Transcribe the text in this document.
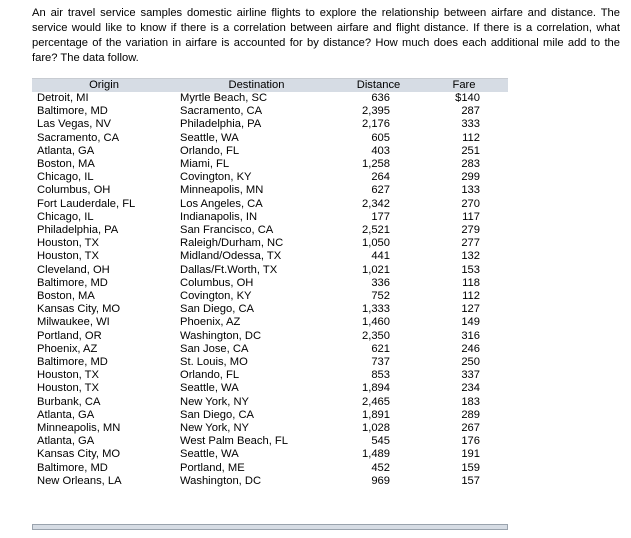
An air travel service samples domestic airline flights to explore the relationship between airfare and distance. The service would like to know if there is a correlation between airfare and flight distance. If there is a correlation, what percentage of the variation in airfare is accounted for by distance? How much does each additional mile add to the fare? The data follow.

Origin	Destination	Distance	Fare
Detroit, MI	Myrtle Beach, SC	636	$140
Baltimore, MD	Sacramento, CA	2,395	287
Las Vegas, NV	Philadelphia, PA	2,176	333
Sacramento, CA	Seattle, WA	605	112
Atlanta, GA	Orlando, FL	403	251
Boston, MA	Miami, FL	1,258	283
Chicago, IL	Covington, KY	264	299
Columbus, OH	Minneapolis, MN	627	133
Fort Lauderdale, FL	Los Angeles, CA	2,342	270
Chicago, IL	Indianapolis, IN	177	117
Philadelphia, PA	San Francisco, CA	2,521	279
Houston, TX	Raleigh/Durham, NC	1,050	277
Houston, TX	Midland/Odessa, TX	441	132
Cleveland, OH	Dallas/Ft.Worth, TX	1,021	153
Baltimore, MD	Columbus, OH	336	118
Boston, MA	Covington, KY	752	112
Kansas City, MO	San Diego, CA	1,333	127
Milwaukee, WI	Phoenix, AZ	1,460	149
Portland, OR	Washington, DC	2,350	316
Phoenix, AZ	San Jose, CA	621	246
Baltimore, MD	St. Louis, MO	737	250
Houston, TX	Orlando, FL	853	337
Houston, TX	Seattle, WA	1,894	234
Burbank, CA	New York, NY	2,465	183
Atlanta, GA	San Diego, CA	1,891	289
Minneapolis, MN	New York, NY	1,028	267
Atlanta, GA	West Palm Beach, FL	545	176
Kansas City, MO	Seattle, WA	1,489	191
Baltimore, MD	Portland, ME	452	159
New Orleans, LA	Washington, DC	969	157
